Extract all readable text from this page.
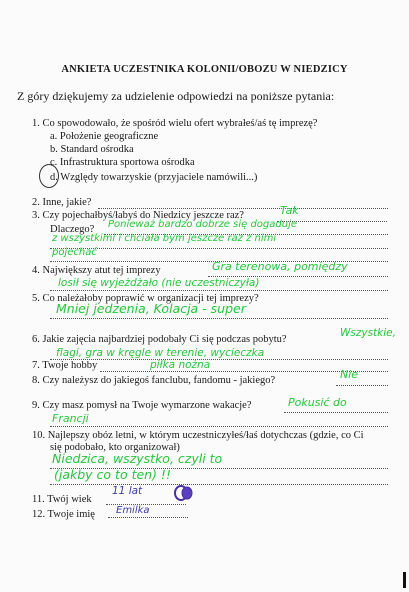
ANKIETA UCZESTNIKA KOLONII/OBOZU W NIEDZICY
Z góry dziękujemy za udzielenie odpowiedzi na poniższe pytania:
1. Co spowodowało, że spośród wielu ofert wybrałeś/aś tę imprezę?
a. Położenie geograficzne
b. Standard ośrodka
c. Infrastruktura sportowa ośrodka
d. Względy towarzyskie (przyjaciele namówili...)
2. Inne, jakie?
3. Czy pojechałbyś/łabyś do Niedzicy jeszcze raz?	Tak
Dlaczego? Ponieważ bardzo dobrze się dogaduje
z wszystkimi i chciała bym jeszcze raz z nimi
pojechać
4. Największy atut tej imprezy	Gra terenowa, pomiędzy
losił się wyjeżdżało (nie uczestniczyła)
5. Co należałoby poprawić w organizacji tej imprezy?
Mniej jedzenia, Kolacja - super
6. Jakie zajęcia najbardziej podobały Ci się podczas pobytu?
Wszystkie,
flagi, gra w kręgle w terenie, wycieczka
7. Twoje hobby	piłka nożna
8. Czy należysz do jakiegoś fanclubu, fandomu - jakiego?	Nie
9. Czy masz pomysł na Twoje wymarzone wakacje?	Pokusić do
Francji
10. Najlepszy obóz letni, w którym uczestniczyłeś/łaś dotychczas (gdzie, co Ci
się podobało, kto organizował)
Niedzica, wszystko, czyli to
(jakby co to ten) !!
11. Twój wiek
11 lat
12. Twoje imię Emilka
